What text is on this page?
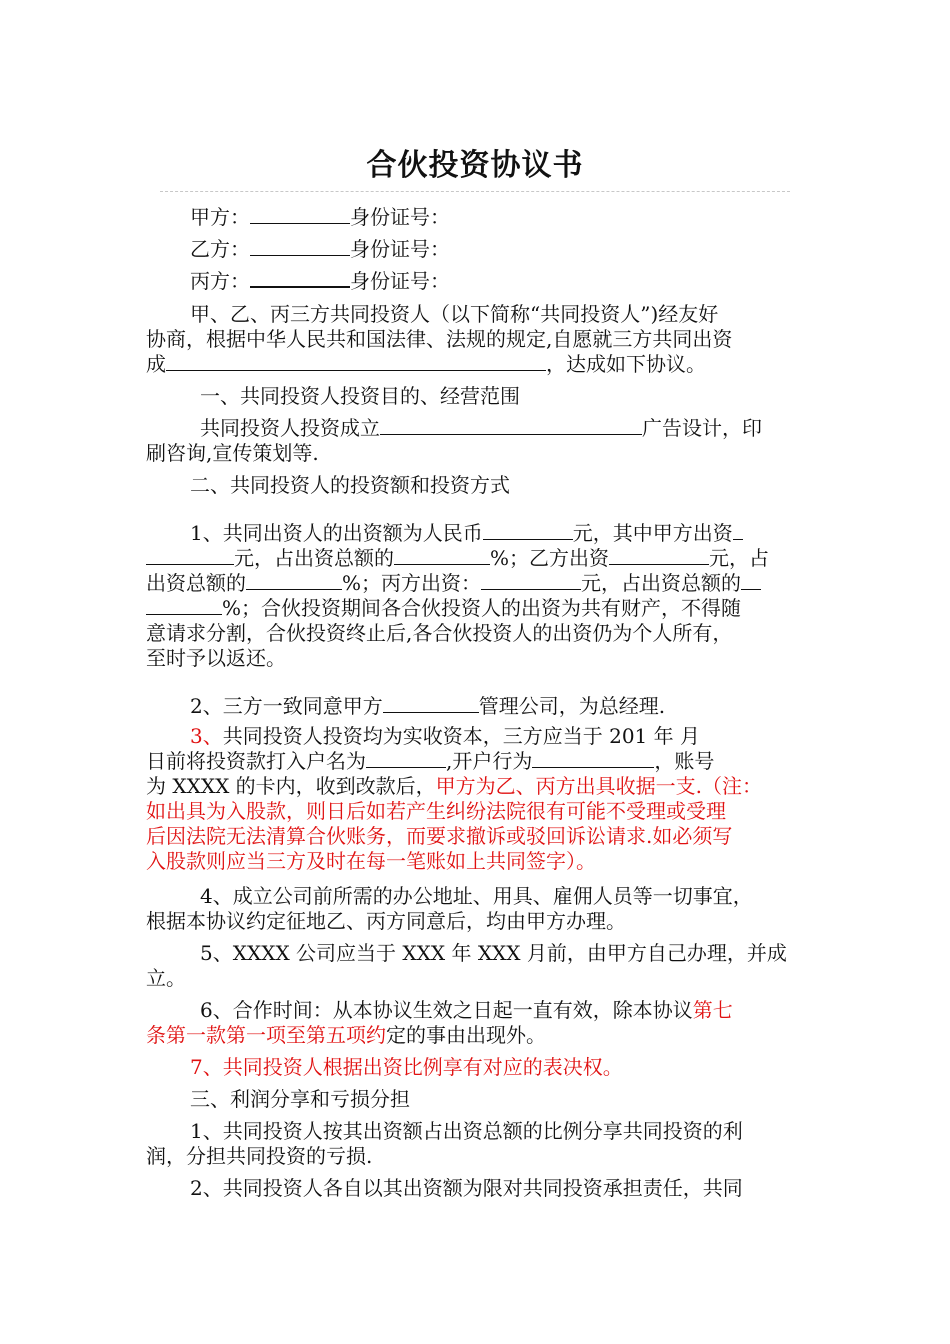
合伙投资协议书
甲方：	身份证号：
乙方：	身份证号：
丙方：	身份证号：
甲、乙、丙三方共同投资人（以下简称“共同投资人”)经友好
协商，根据中华人民共和国法律、法规的规定,自愿就三方共同出资
成	，达成如下协议。
一、共同投资人投资目的、经营范围
共同投资人投资成立	广告设计，印
刷咨询,宣传策划等.
二、共同投资人的投资额和投资方式
1、共同出资人的出资额为人民币	元，其中甲方出资
元，占出资总额的	%；乙方出资	元，占
出资总额的	%；丙方出资：	元，占出资总额的
%；合伙投资期间各合伙投资人的出资为共有财产，不得随
意请求分割，合伙投资终止后,各合伙投资人的出资仍为个人所有，
至时予以返还。
2、三方一致同意甲方	管理公司，为总经理.
3、共同投资人投资均为实收资本，三方应当于 201 年 月
日前将投资款打入户名为	,开户行为	，账号
为 XXXX 的卡内，收到改款后，甲方为乙、丙方出具收据一支.（注：
如出具为入股款，则日后如若产生纠纷法院很有可能不受理或受理
后因法院无法清算合伙账务，而要求撤诉或驳回诉讼请求.如必须写
入股款则应当三方及时在每一笔账如上共同签字）。
4、成立公司前所需的办公地址、用具、雇佣人员等一切事宜，
根据本协议约定征地乙、丙方同意后，均由甲方办理。
5、XXXX 公司应当于 XXX 年 XXX 月前，由甲方自己办理，并成
立。
6、合作时间：从本协议生效之日起一直有效，除本协议第七
条第一款第一项至第五项约定的事由出现外。
7、共同投资人根据出资比例享有对应的表决权。
三、利润分享和亏损分担
1、共同投资人按其出资额占出资总额的比例分享共同投资的利
润，分担共同投资的亏损.
2、共同投资人各自以其出资额为限对共同投资承担责任，共同
